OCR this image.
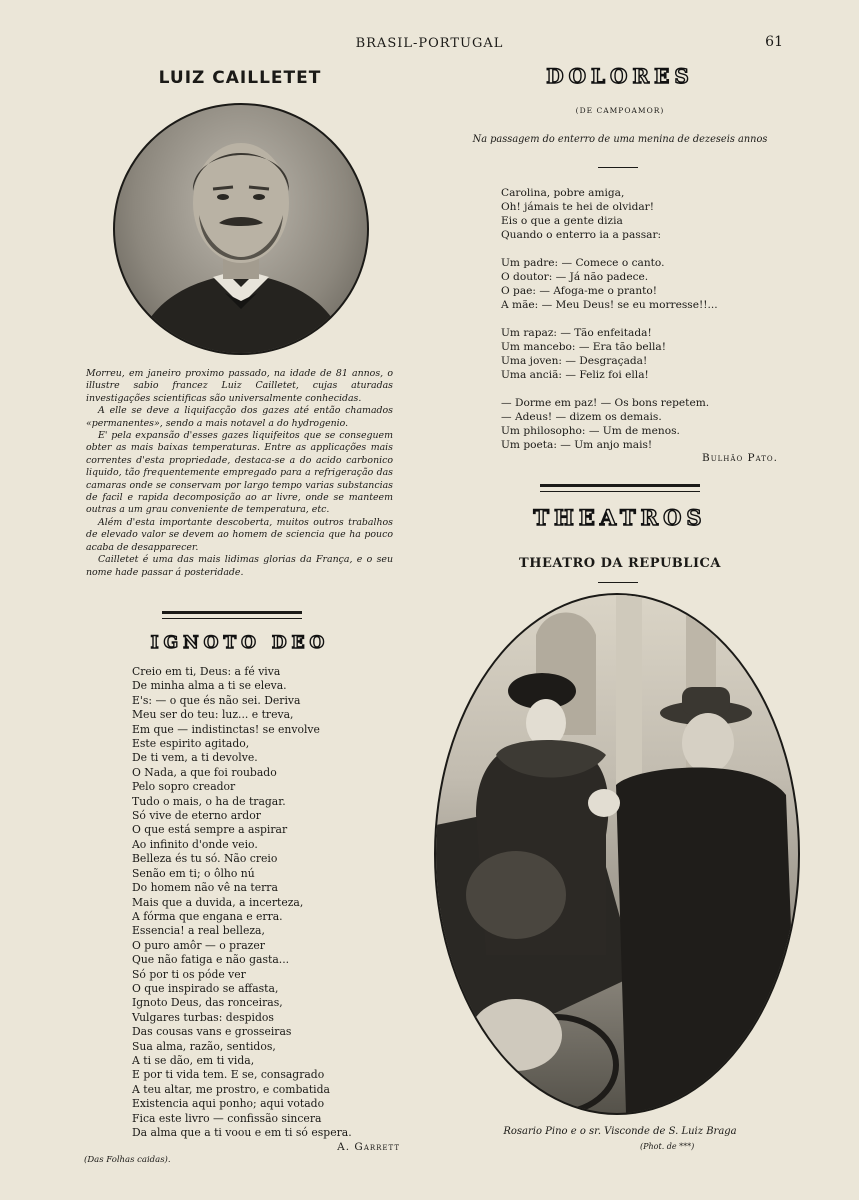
BRASIL-PORTUGAL	61
LUIZ CAILLETET

Morreu, em janeiro proximo passado, na idade de 81 annos, o illustre sabio francez Luiz Cailletet, cujas aturadas investigações scientificas são universalmente conhecidas.

A elle se deve a liquifacção dos gazes até então chamados «permanentes», sendo a mais notavel a do hydrogenio.

E' pela expansão d'esses gazes liquifeitos que se conseguem obter as mais baixas temperaturas. Entre as applicações mais correntes d'esta propriedade, destaca-se a do acido carbonico liquido, tão frequentemente empregado para a refrigeração das camaras onde se conservam por largo tempo varias substancias de facil e rapida decomposição ao ar livre, onde se manteem outras a um grau conveniente de temperatura, etc.

Além d'esta importante descoberta, muitos outros trabalhos de elevado valor se devem ao homem de sciencia que ha pouco acaba de desapparecer.

Cailletet é uma das mais lidimas glorias da França, e o seu nome hade passar á posteridade.

IGNOTO DEO
Creio em ti, Deus: a fé viva
De minha alma a ti se eleva.
E's: — o que és não sei. Deriva
Meu ser do teu: luz... e treva,
Em que — indistinctas! se envolve
Este espirito agitado,
De ti vem, a ti devolve.
O Nada, a que foi roubado
Pelo sopro creador
Tudo o mais, o ha de tragar.
Só vive de eterno ardor
O que está sempre a aspirar
Ao infinito d'onde veio.
Belleza és tu só. Não creio
Senão em ti; o ôlho nú
Do homem não vê na terra
Mais que a duvida, a incerteza,
A fórma que engana e erra.
Essencia! a real belleza,
O puro amôr — o prazer
Que não fatiga e não gasta...
Só por ti os póde ver
O que inspirado se affasta,
Ignoto Deus, das ronceiras,
Vulgares turbas: despidos
Das cousas vans e grosseiras
Sua alma, razão, sentidos,
A ti se dão, em ti vida,
E por ti vida tem. E se, consagrado
A teu altar, me prostro, e combatida
Existencia aqui ponho; aqui votado
Fica este livro — confissão sincera
Da alma que a ti voou e em ti só espera.
A. Garrett
(Das Folhas caidas).
DOLORES
(DE CAMPOAMOR)
Na passagem do enterro de uma menina de dezeseis annos
Carolina, pobre amiga,
Oh! jámais te hei de olvidar!
Eis o que a gente dizia
Quando o enterro ia a passar:
Um padre: — Comece o canto.
O doutor: — Já não padece.
O pae: — Afoga-me o pranto!
A mãe: — Meu Deus! se eu morresse!!...
Um rapaz: — Tão enfeitada!
Um mancebo: — Era tão bella!
Uma joven: — Desgraçada!
Uma anciã: — Feliz foi ella!
— Dorme em paz! — Os bons repetem.
— Adeus! — dizem os demais.
Um philosopho: — Um de menos.
Um poeta: — Um anjo mais!
Bulhão Pato.
THEATROS
THEATRO DA REPUBLICA
Rosario Pino e o sr. Visconde de S. Luiz Braga
(Phot. de ***)
